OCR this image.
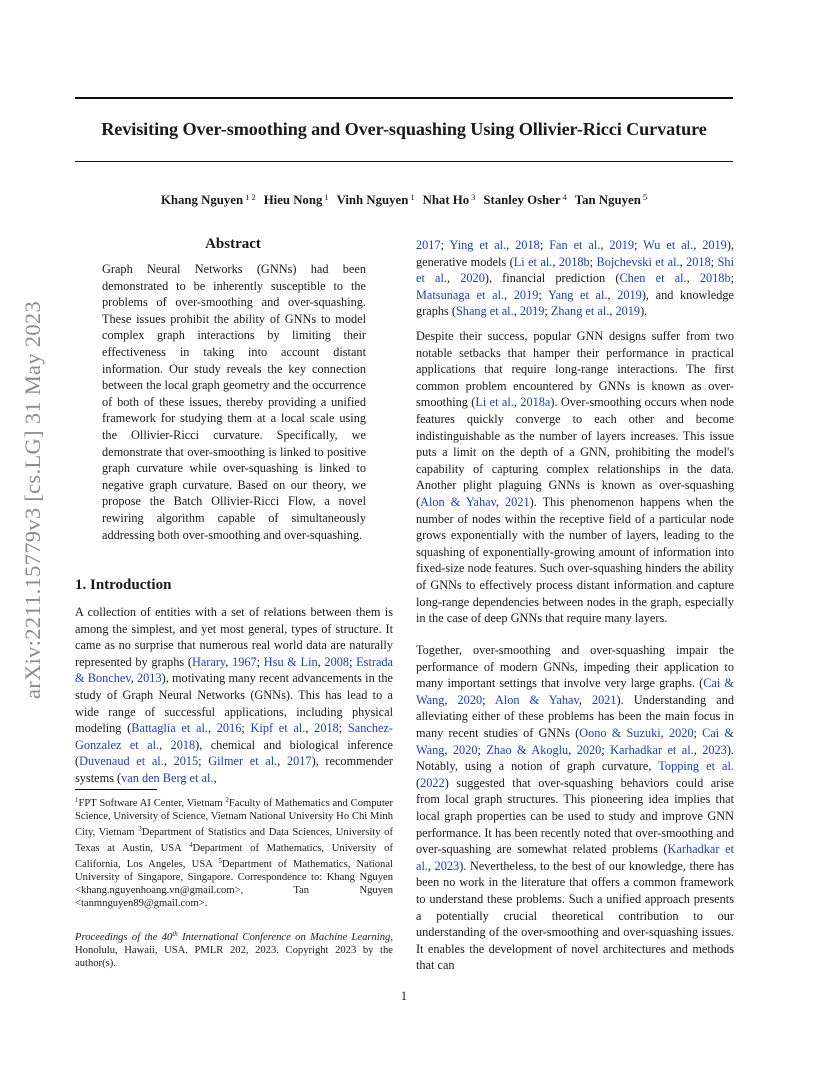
Revisiting Over-smoothing and Over-squashing Using Ollivier-Ricci Curvature
Khang Nguyen $^{1 2}$ Hieu Nong $^1$ Vinh Nguyen $^1$ Nhat Ho $^3$ Stanley Osher $^4$ Tan Nguyen $^5$
arXiv:2211.15779v3 [cs.LG] 31 May 2023
Abstract
Graph Neural Networks (GNNs) had been demonstrated to be inherently susceptible to the problems of over-smoothing and over-squashing. These issues prohibit the ability of GNNs to model complex graph interactions by limiting their effectiveness in taking into account distant information. Our study reveals the key connection between the local graph geometry and the occurrence of both of these issues, thereby providing a unified framework for studying them at a local scale using the Ollivier-Ricci curvature. Specifically, we demonstrate that over-smoothing is linked to positive graph curvature while over-squashing is linked to negative graph curvature. Based on our theory, we propose the Batch Ollivier-Ricci Flow, a novel rewiring algorithm capable of simultaneously addressing both over-smoothing and over-squashing.
1. Introduction
A collection of entities with a set of relations between them is among the simplest, and yet most general, types of structure. It came as no surprise that numerous real world data are naturally represented by graphs (Harary, 1967; Hsu & Lin, 2008; Estrada & Bonchev, 2013), motivating many recent advancements in the study of Graph Neural Networks (GNNs). This has lead to a wide range of successful applications, including physical modeling (Battaglia et al., 2016; Kipf et al., 2018; Sanchez-Gonzalez et al., 2018), chemical and biological inference (Duvenaud et al., 2015; Gilmer et al., 2017), recommender systems (van den Berg et al.,
$^1$FPT Software AI Center, Vietnam $^2$Faculty of Mathematics and Computer Science, University of Science, Vietnam National University Ho Chi Minh City, Vietnam $^3$Department of Statistics and Data Sciences, University of Texas at Austin, USA $^4$Department of Mathematics, University of California, Los Angeles, USA $^5$Department of Mathematics, National University of Singapore, Singapore. Correspondence to: Khang Nguyen <khang.nguyenhoang.vn@gmail.com>, Tan Nguyen <tanmnguyen89@gmail.com>.
Proceedings of the 40th International Conference on Machine Learning, Honolulu, Hawaii, USA. PMLR 202, 2023. Copyright 2023 by the author(s).
2017; Ying et al., 2018; Fan et al., 2019; Wu et al., 2019), generative models (Li et al., 2018b; Bojchevski et al., 2018; Shi et al., 2020), financial prediction (Chen et al., 2018b; Matsunaga et al., 2019; Yang et al., 2019), and knowledge graphs (Shang et al., 2019; Zhang et al., 2019).
Despite their success, popular GNN designs suffer from two notable setbacks that hamper their performance in practical applications that require long-range interactions. The first common problem encountered by GNNs is known as over-smoothing (Li et al., 2018a). Over-smoothing occurs when node features quickly converge to each other and become indistinguishable as the number of layers increases. This issue puts a limit on the depth of a GNN, prohibiting the model's capability of capturing complex relationships in the data. Another plight plaguing GNNs is known as over-squashing (Alon & Yahav, 2021). This phenomenon happens when the number of nodes within the receptive field of a particular node grows exponentially with the number of layers, leading to the squashing of exponentially-growing amount of information into fixed-size node features. Such over-squashing hinders the ability of GNNs to effectively process distant information and capture long-range dependencies between nodes in the graph, especially in the case of deep GNNs that require many layers.
Together, over-smoothing and over-squashing impair the performance of modern GNNs, impeding their application to many important settings that involve very large graphs. (Cai & Wang, 2020; Alon & Yahav, 2021). Understanding and alleviating either of these problems has been the main focus in many recent studies of GNNs (Oono & Suzuki, 2020; Cai & Wang, 2020; Zhao & Akoglu, 2020; Karhadkar et al., 2023). Notably, using a notion of graph curvature, Topping et al. (2022) suggested that over-squashing behaviors could arise from local graph structures. This pioneering idea implies that local graph properties can be used to study and improve GNN performance. It has been recently noted that over-smoothing and over-squashing are somewhat related problems (Karhadkar et al., 2023). Nevertheless, to the best of our knowledge, there has been no work in the literature that offers a common framework to understand these problems. Such a unified approach presents a potentially crucial theoretical contribution to our understanding of the over-smoothing and over-squashing issues. It enables the development of novel architectures and methods that can
1
